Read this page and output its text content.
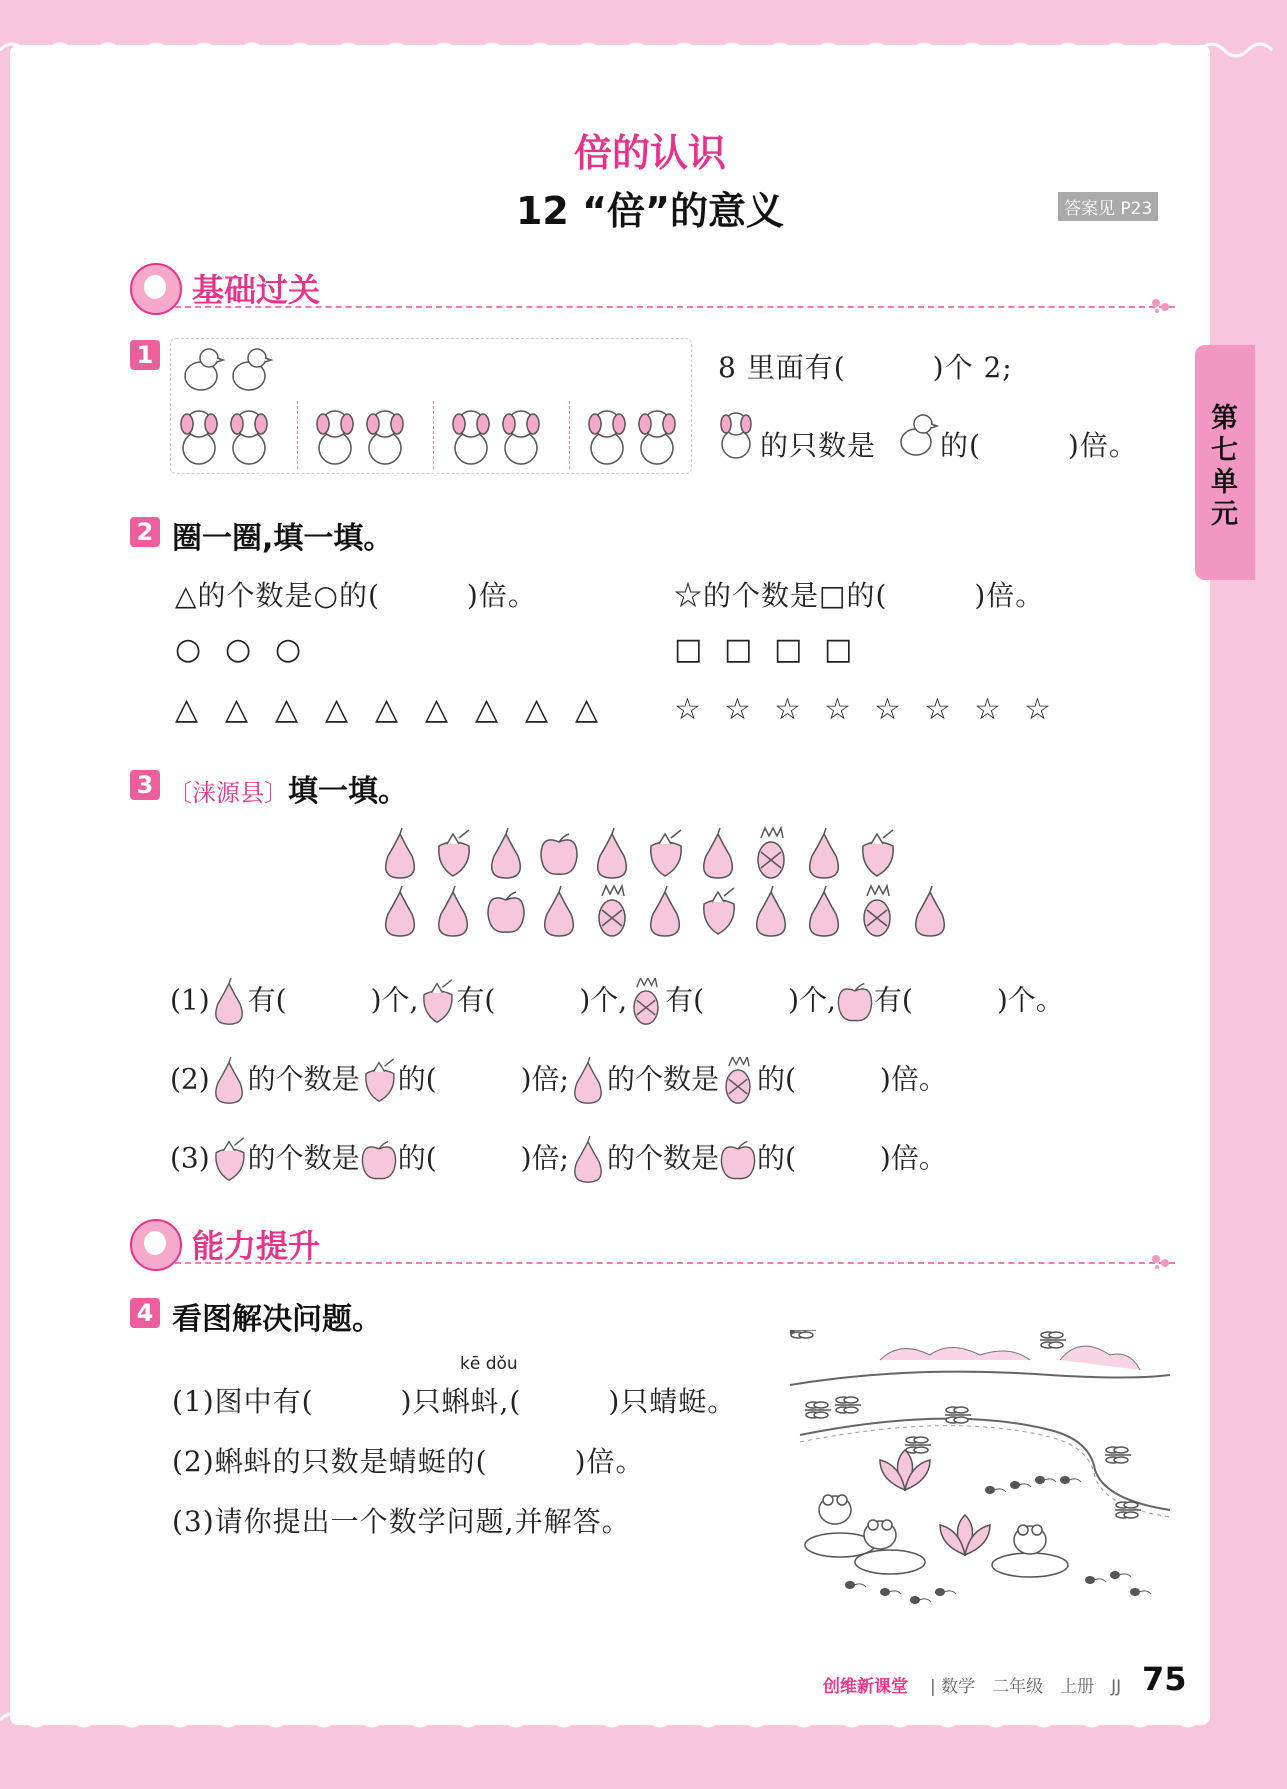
倍的认识
12 “倍”的意义	答案见 P23
第七单元
基础过关
1	8 里面有(　　　)个 2;
的只数是 的(　　　)倍。
2 圈一圈,填一填。
△的个数是○的(　　　)倍。	☆的个数是□的(　　　)倍。
○ ○ ○	□ □ □ □
△ △ △ △ △ △ △ △ △	☆ ☆ ☆ ☆ ☆ ☆ ☆ ☆
3 〔涞源县〕填一填。
(1) 有(　　　)个, 有(　　　)个, 有(　　　)个, 有(　　　)个。
(2) 的个数是 的(　　　)倍; 的个数是 的(　　　)倍。
(3) 的个数是 的(　　　)倍; 的个数是 的(　　　)倍。
能力提升
4 看图解决问题。
kē dǒu
(1)图中有(　　　)只蝌蚪,(　　　)只蜻蜓。
(2)蝌蚪的只数是蜻蜓的(　　　)倍。
(3)请你提出一个数学问题,并解答。
创维新课堂 | 数学　二年级　上册　JJ 75
